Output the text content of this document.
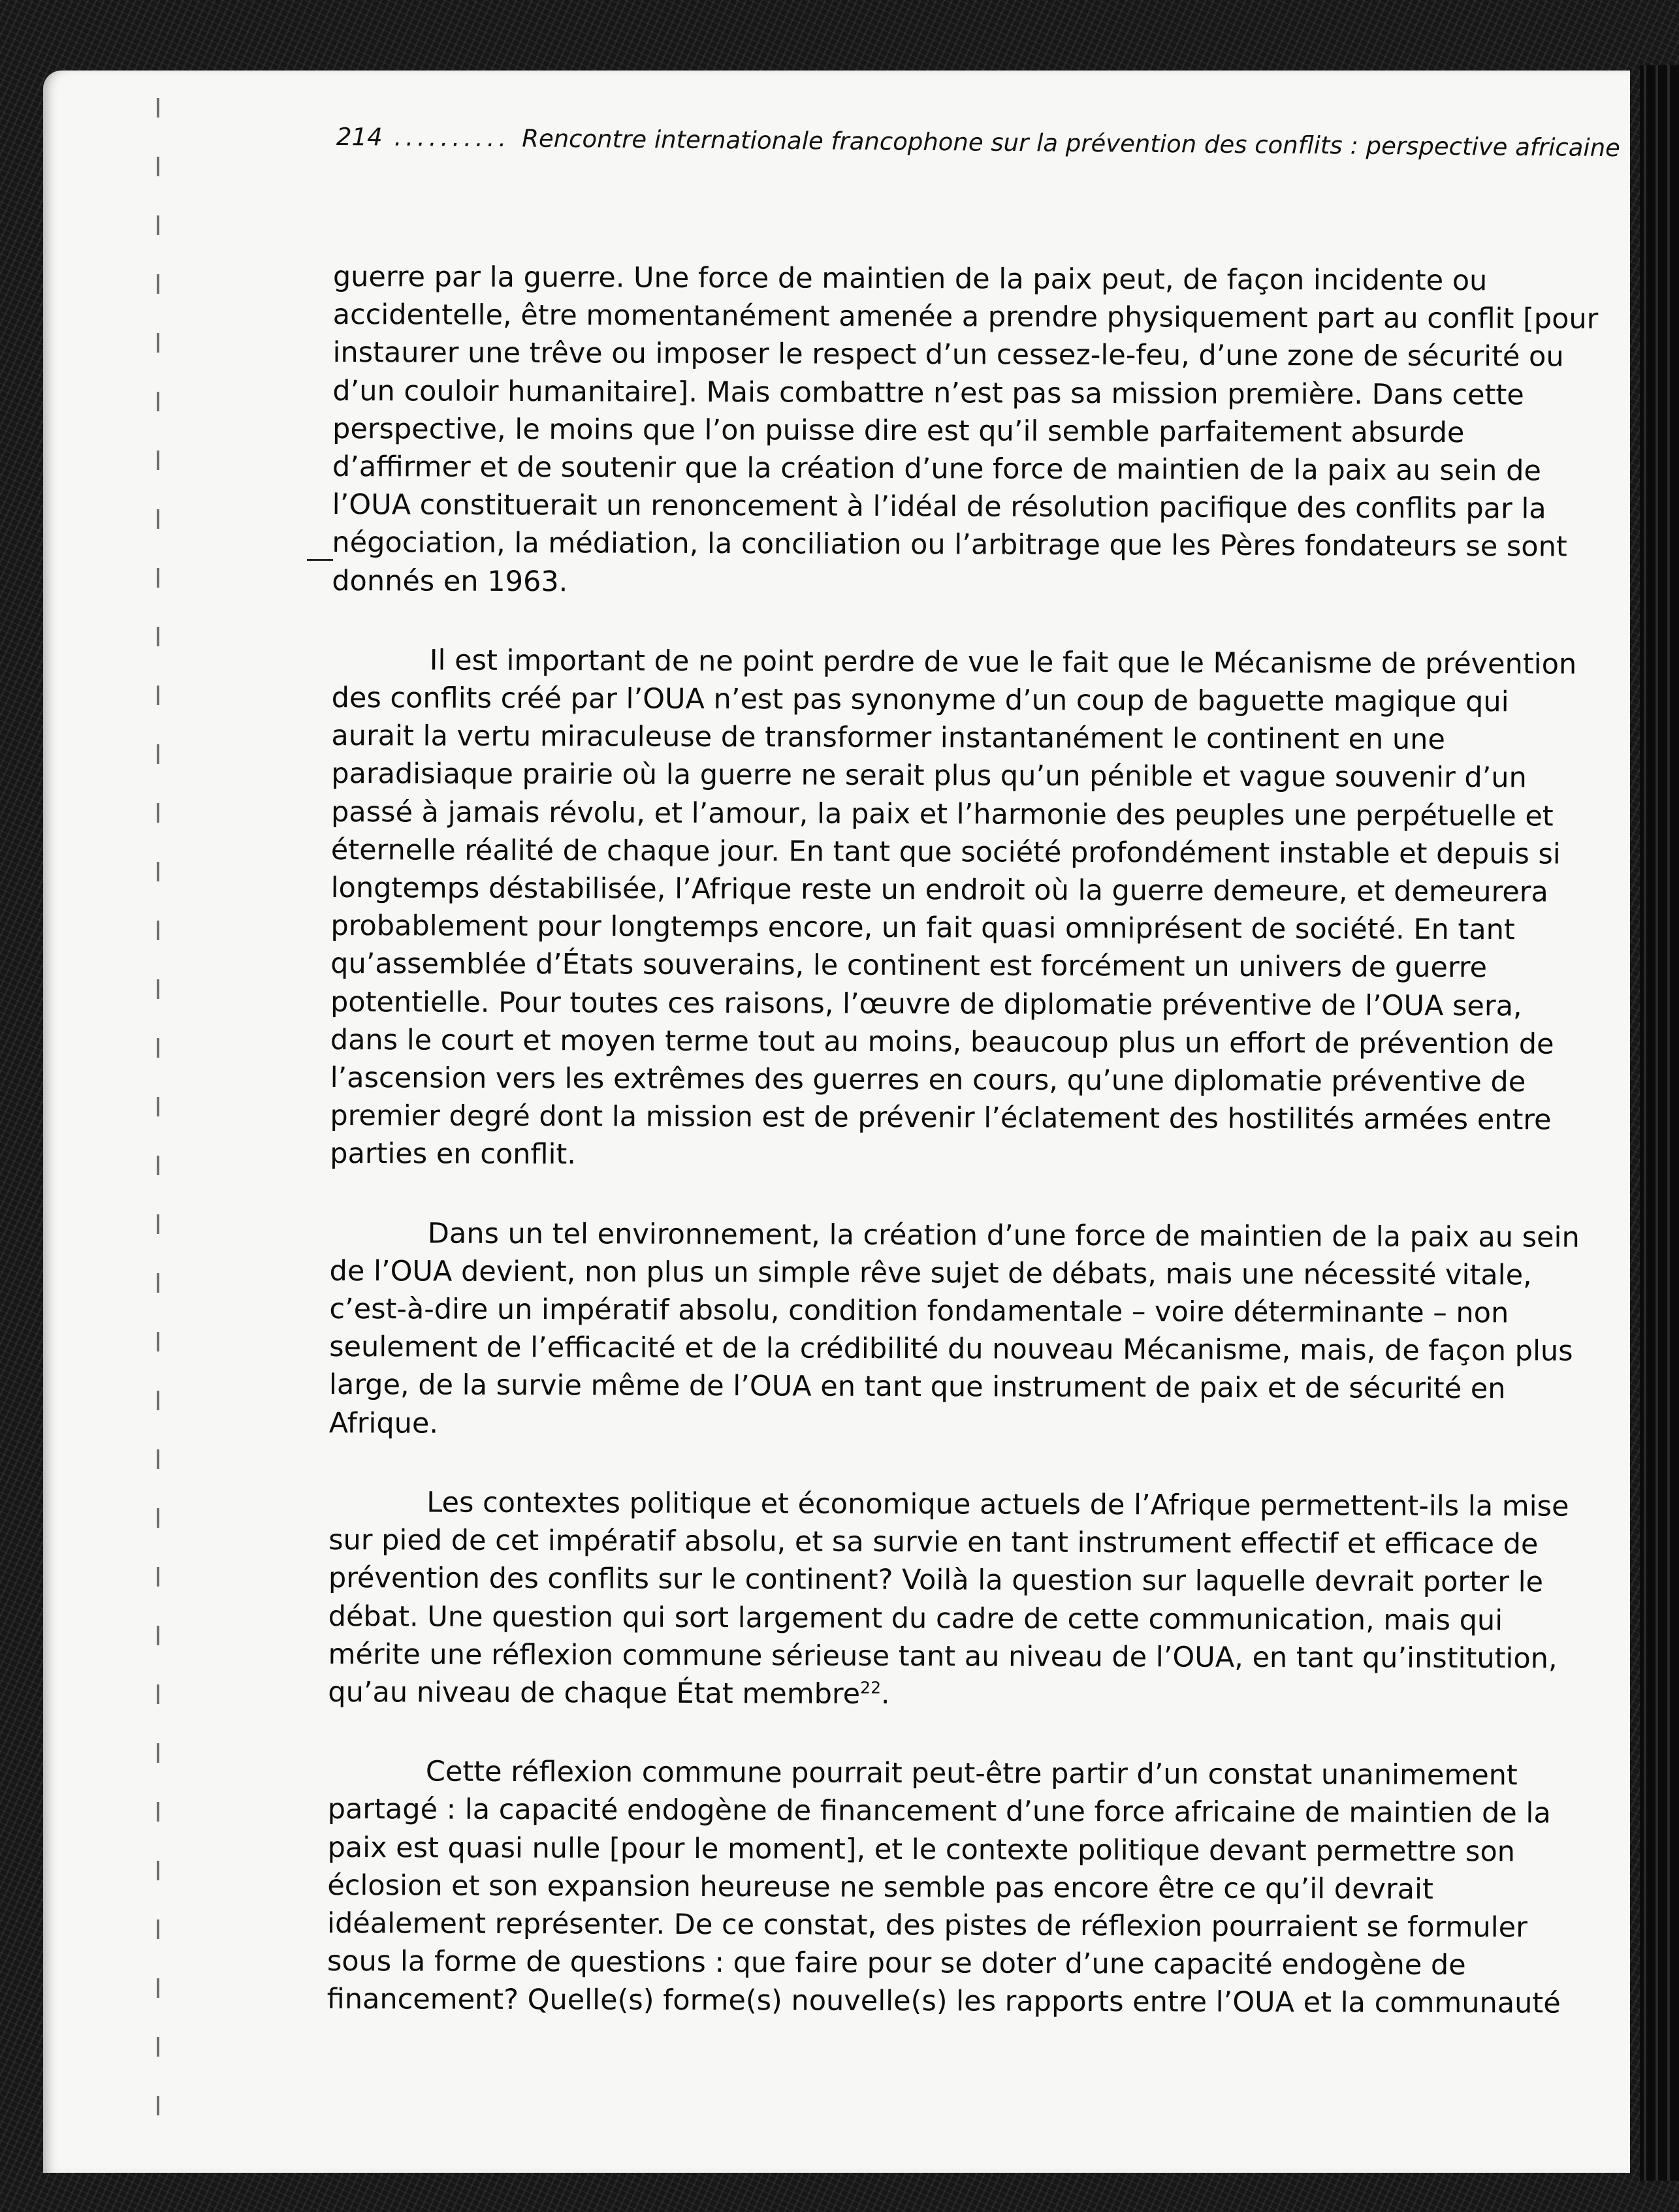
214 .......... Rencontre internationale francophone sur la prévention des conflits : perspective africaine

guerre par la guerre. Une force de maintien de la paix peut, de façon incidente ou accidentelle, être momentanément amenée a prendre physiquement part au conflit [pour instaurer une trêve ou imposer le respect d’un cessez-le-feu, d’une zone de sécurité ou d’un couloir humanitaire]. Mais combattre n’est pas sa mission première. Dans cette perspective, le moins que l’on puisse dire est qu’il semble parfaitement absurde d’affirmer et de soutenir que la création d’une force de maintien de la paix au sein de l’OUA constituerait un renoncement à l’idéal de résolution pacifique des conflits par la négociation, la médiation, la conciliation ou l’arbitrage que les Pères fondateurs se sont donnés en 1963.

Il est important de ne point perdre de vue le fait que le Mécanisme de prévention des conflits créé par l’OUA n’est pas synonyme d’un coup de baguette magique qui aurait la vertu miraculeuse de transformer instantanément le continent en une paradisiaque prairie où la guerre ne serait plus qu’un pénible et vague souvenir d’un passé à jamais révolu, et l’amour, la paix et l’harmonie des peuples une perpétuelle et éternelle réalité de chaque jour. En tant que société profondément instable et depuis si longtemps déstabilisée, l’Afrique reste un endroit où la guerre demeure, et demeurera probablement pour longtemps encore, un fait quasi omniprésent de société. En tant qu’assemblée d’États souverains, le continent est forcément un univers de guerre potentielle. Pour toutes ces raisons, l’œuvre de diplomatie préventive de l’OUA sera, dans le court et moyen terme tout au moins, beaucoup plus un effort de prévention de l’ascension vers les extrêmes des guerres en cours, qu’une diplomatie préventive de premier degré dont la mission est de prévenir l’éclatement des hostilités armées entre parties en conflit.

Dans un tel environnement, la création d’une force de maintien de la paix au sein de l’OUA devient, non plus un simple rêve sujet de débats, mais une nécessité vitale, c’est-à-dire un impératif absolu, condition fondamentale – voire déterminante – non seulement de l’efficacité et de la crédibilité du nouveau Mécanisme, mais, de façon plus large, de la survie même de l’OUA en tant que instrument de paix et de sécurité en Afrique.

Les contextes politique et économique actuels de l’Afrique permettent-ils la mise sur pied de cet impératif absolu, et sa survie en tant instrument effectif et efficace de prévention des conflits sur le continent? Voilà la question sur laquelle devrait porter le débat. Une question qui sort largement du cadre de cette communication, mais qui mérite une réflexion commune sérieuse tant au niveau de l’OUA, en tant qu’institution, qu’au niveau de chaque État membre$^{22}$.

Cette réflexion commune pourrait peut-être partir d’un constat unanimement partagé : la capacité endogène de financement d’une force africaine de maintien de la paix est quasi nulle [pour le moment], et le contexte politique devant permettre son éclosion et son expansion heureuse ne semble pas encore être ce qu’il devrait idéalement représenter. De ce constat, des pistes de réflexion pourraient se formuler sous la forme de questions : que faire pour se doter d’une capacité endogène de financement? Quelle(s) forme(s) nouvelle(s) les rapports entre l’OUA et la communauté
